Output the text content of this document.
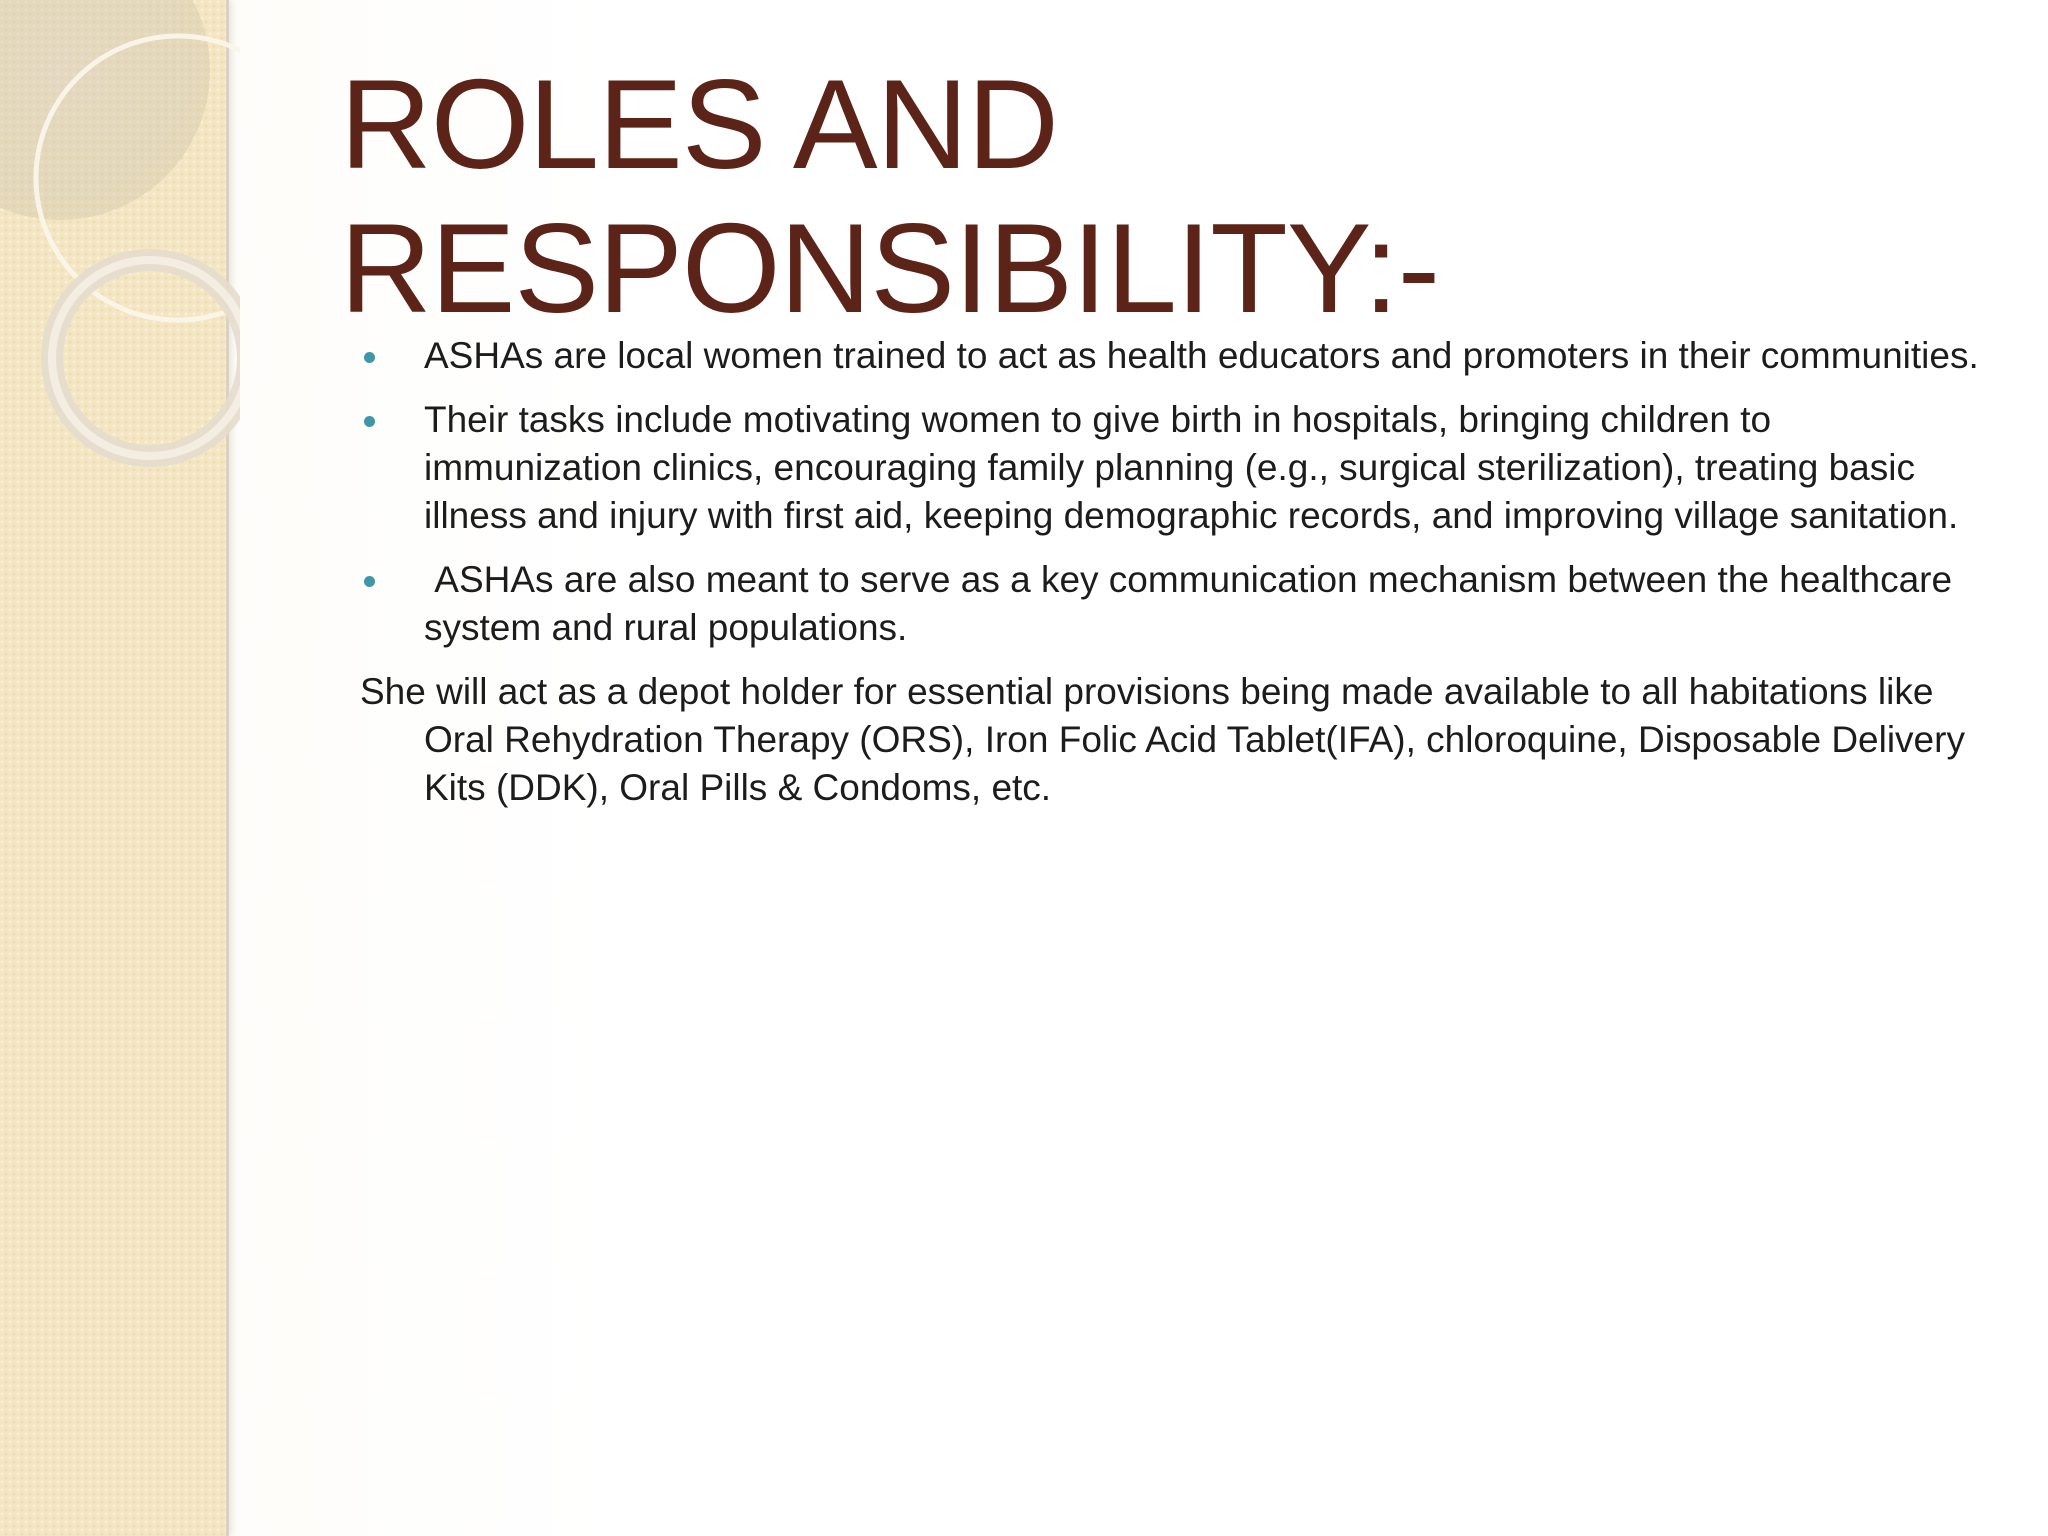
ROLES AND
RESPONSIBILITY:-
ASHAs are local women trained to act as health educators and promoters in their communities.
Their tasks include motivating women to give birth in hospitals, bringing children to immunization clinics, encouraging family planning (e.g., surgical sterilization), treating basic illness and injury with first aid, keeping demographic records, and improving village sanitation.
ASHAs are also meant to serve as a key communication mechanism between the healthcare system and rural populations.

She will act as a depot holder for essential provisions being made available to all habitations like Oral Rehydration Therapy (ORS), Iron Folic Acid Tablet(IFA), chloroquine, Disposable Delivery Kits (DDK), Oral Pills & Condoms, etc.
